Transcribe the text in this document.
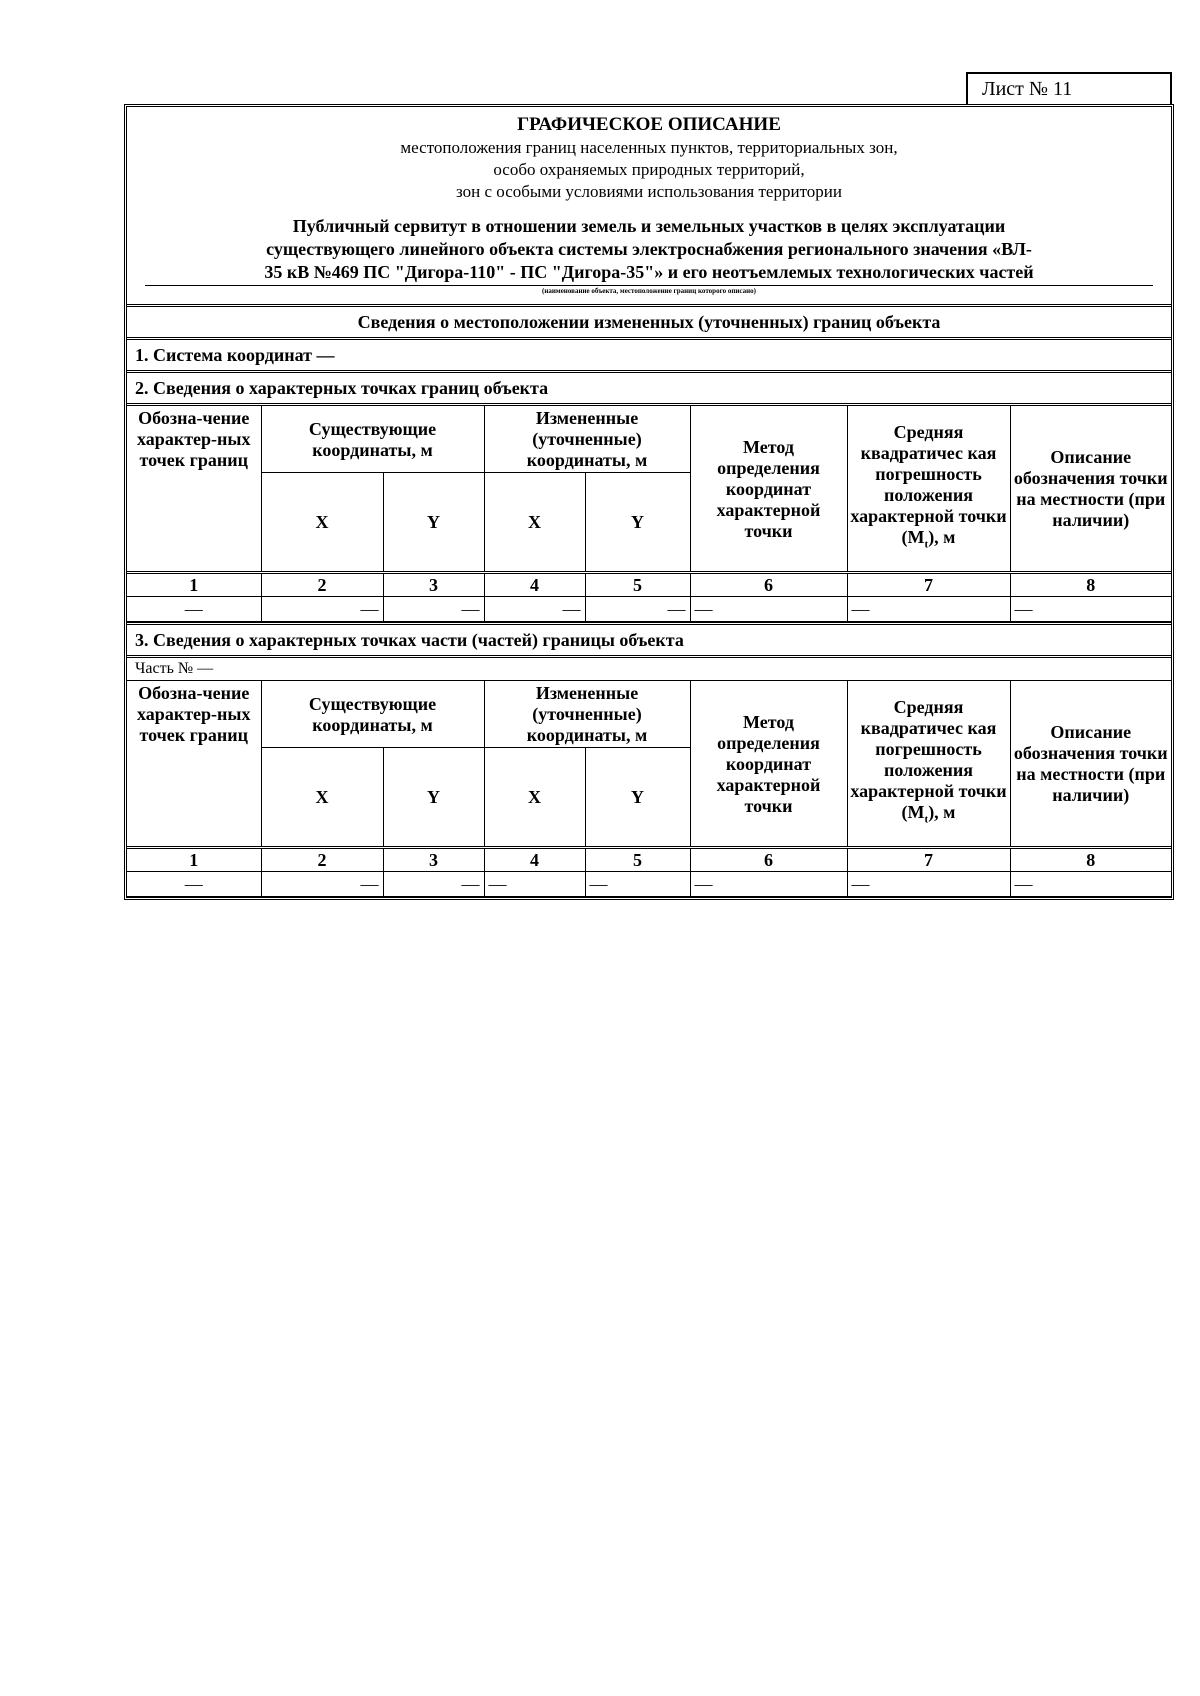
Лист № 11
ГРАФИЧЕСКОЕ ОПИСАНИЕ
местоположения границ населенных пунктов, территориальных зон,
особо охраняемых природных территорий,
зон с особыми условиями использования территории
Публичный сервитут в отношении земель и земельных участков в целях эксплуатации
существующего линейного объекта системы электроснабжения регионального значения «ВЛ-
35 кВ №469 ПС "Дигора-110" - ПС "Дигора-35"» и его неотъемлемых технологических частей
(наименование объекта, местоположение границ которого описано)
Сведения о местоположении измененных (уточненных) границ объекта
1. Система координат —
2. Сведения о характерных точках границ объекта
Обозна-чение характер-ных точек границ	Существующие координаты, м		Измененные (уточненные) координаты, м		Метод определения координат характерной точки	Средняя квадратичес кая погрешность положения характерной точки $(M_t)$, м	Описание обозначения точки на местности (при наличии)
	X	Y	X	Y			
1	2	3	4	5	6	7	8
—	—	—	—	—	—	—	—
3. Сведения о характерных точках части (частей) границы объекта
Часть № —
Обозна-чение характер-ных точек границ	Существующие координаты, м		Измененные (уточненные) координаты, м		Метод определения координат характерной точки	Средняя квадратичес кая погрешность положения характерной точки $(M_t)$, м	Описание обозначения точки на местности (при наличии)
	X	Y	X	Y			
1	2	3	4	5	6	7	8
—	—	—	—	—	—	—	—
